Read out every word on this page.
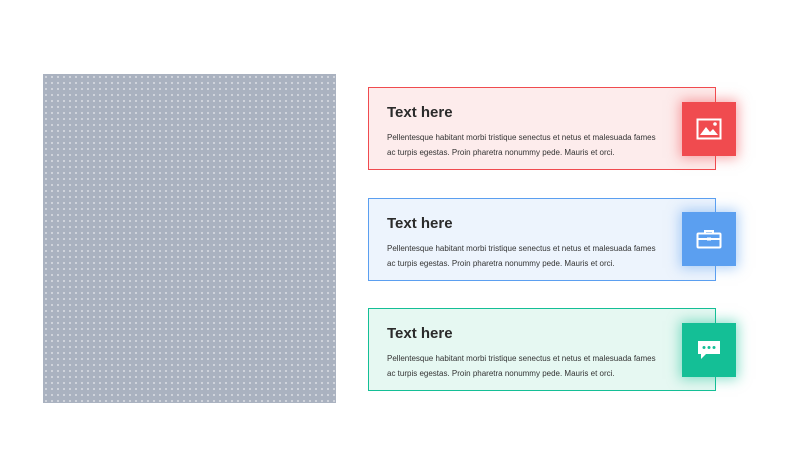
Text here

Pellentesque habitant morbi tristique senectus et netus et malesuada fames ac turpis egestas. Proin pharetra nonummy pede. Mauris et orci.

Text here

Pellentesque habitant morbi tristique senectus et netus et malesuada fames ac turpis egestas. Proin pharetra nonummy pede. Mauris et orci.

Text here

Pellentesque habitant morbi tristique senectus et netus et malesuada fames ac turpis egestas. Proin pharetra nonummy pede. Mauris et orci.
